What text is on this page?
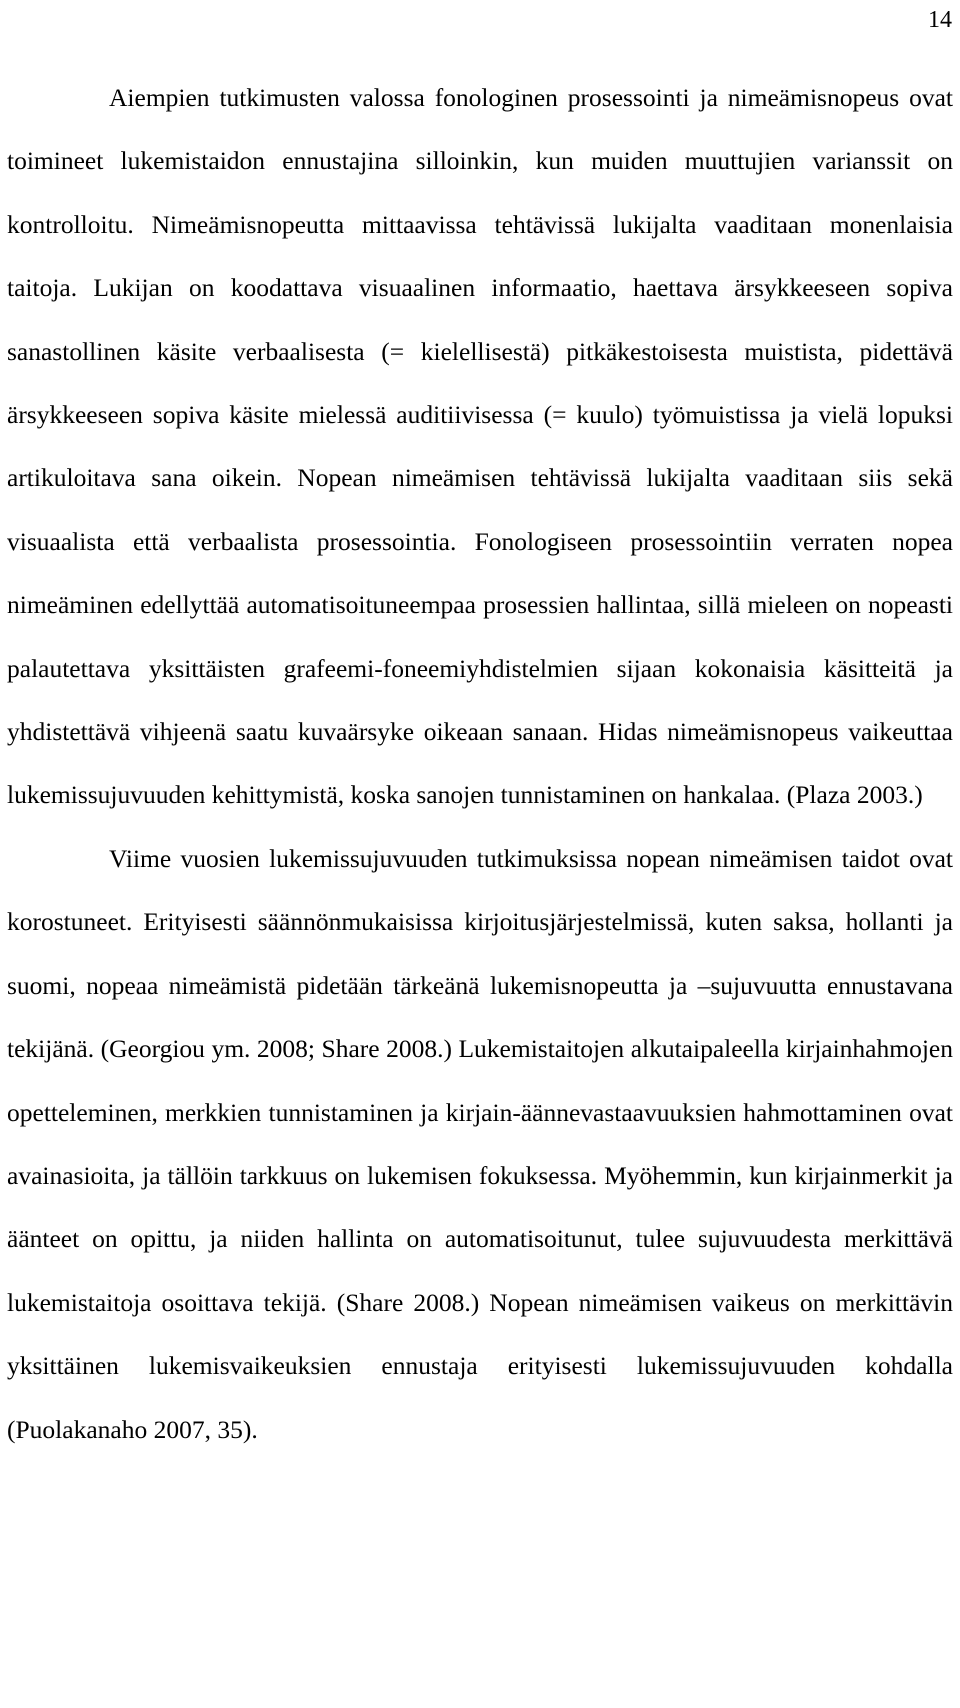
14

Aiempien tutkimusten valossa fonologinen prosessointi ja nimeämisnopeus ovat toimineet lukemistaidon ennustajina silloinkin, kun muiden muuttujien varianssit on kontrolloitu. Nimeämisnopeutta mittaavissa tehtävissä lukijalta vaaditaan monenlaisia taitoja. Lukijan on koodattava visuaalinen informaatio, haettava ärsykkeeseen sopiva sanastollinen käsite verbaalisesta (= kielellisestä) pitkäkestoisesta muistista, pidettävä ärsykkeeseen sopiva käsite mielessä auditiivisessa (= kuulo) työmuistissa ja vielä lopuksi artikuloitava sana oikein. Nopean nimeämisen tehtävissä lukijalta vaaditaan siis sekä visuaalista että verbaalista prosessointia. Fonologiseen prosessointiin verraten nopea nimeäminen edellyttää automatisoituneempaa prosessien hallintaa, sillä mieleen on nopeasti palautettava yksittäisten grafeemi-foneemiyhdistelmien sijaan kokonaisia käsitteitä ja yhdistettävä vihjeenä saatu kuvaärsyke oikeaan sanaan. Hidas nimeämisnopeus vaikeuttaa lukemissujuvuuden kehittymistä, koska sanojen tunnistaminen on hankalaa. (Plaza 2003.)

Viime vuosien lukemissujuvuuden tutkimuksissa nopean nimeämisen taidot ovat korostuneet. Erityisesti säännönmukaisissa kirjoitusjärjestelmissä, kuten saksa, hollanti ja suomi, nopeaa nimeämistä pidetään tärkeänä lukemisnopeutta ja –sujuvuutta ennustavana tekijänä. (Georgiou ym. 2008; Share 2008.) Lukemistaitojen alkutaipaleella kirjainhahmojen opetteleminen, merkkien tunnistaminen ja kirjain-äännevastaavuuksien hahmottaminen ovat avainasioita, ja tällöin tarkkuus on lukemisen fokuksessa. Myöhemmin, kun kirjainmerkit ja äänteet on opittu, ja niiden hallinta on automatisoitunut, tulee sujuvuudesta merkittävä lukemistaitoja osoittava tekijä. (Share 2008.) Nopean nimeämisen vaikeus on merkittävin yksittäinen lukemisvaikeuksien ennustaja erityisesti lukemissujuvuuden kohdalla (Puolakanaho 2007, 35).
